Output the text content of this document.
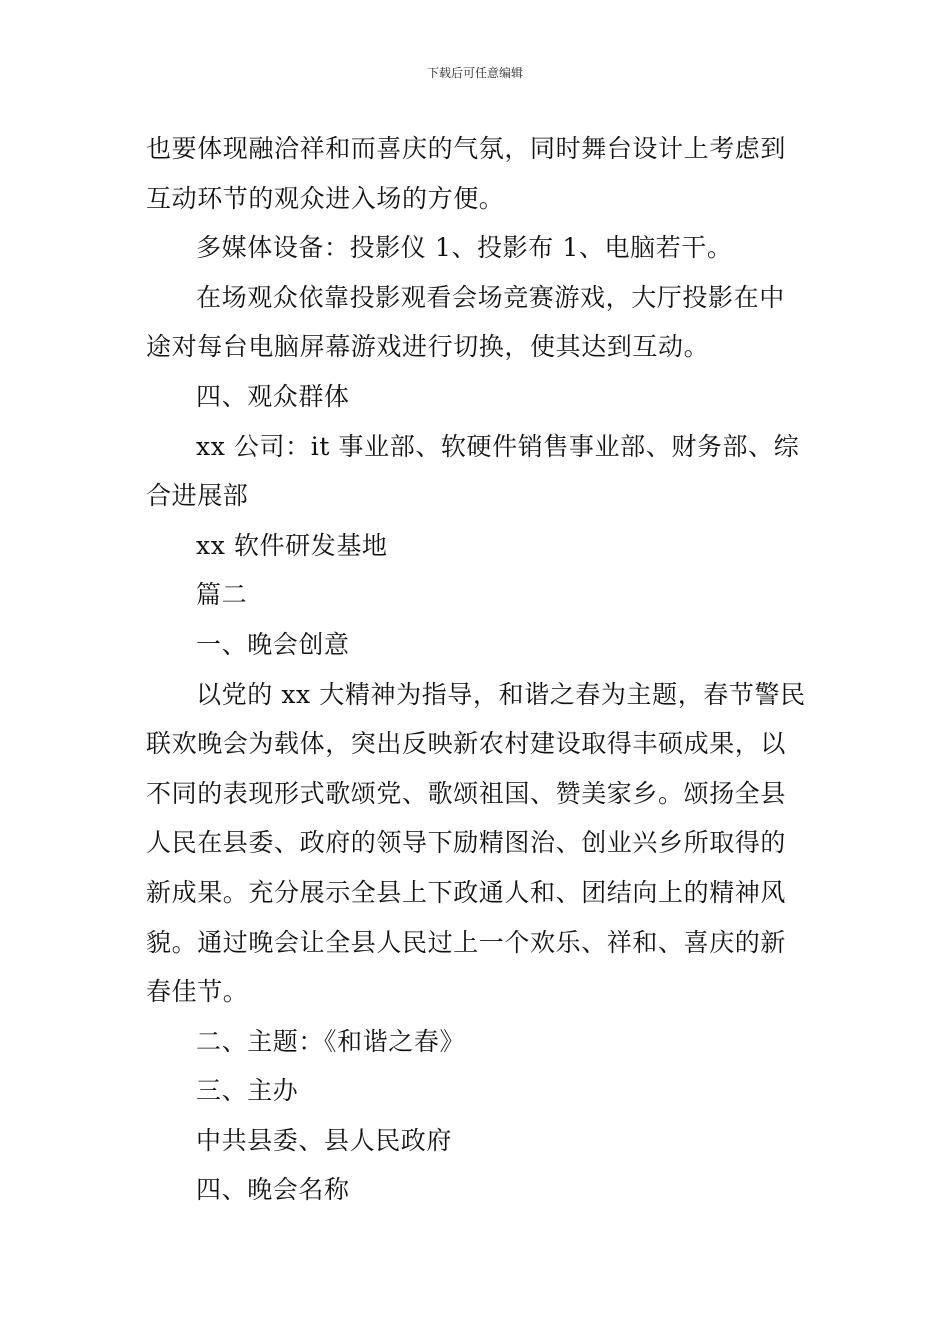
下载后可任意编辑
也要体现融洽祥和而喜庆的气氛，同时舞台设计上考虑到
互动环节的观众进入场的方便。
多媒体设备：投影仪 1、投影布 1、电脑若干。
在场观众依靠投影观看会场竞赛游戏，大厅投影在中
途对每台电脑屏幕游戏进行切换，使其达到互动。
四、观众群体
xx 公司：it 事业部、软硬件销售事业部、财务部、综
合进展部
xx 软件研发基地
篇二
一、晚会创意
以党的 xx 大精神为指导，和谐之春为主题，春节警民
联欢晚会为载体，突出反映新农村建设取得丰硕成果，以
不同的表现形式歌颂党、歌颂祖国、赞美家乡。颂扬全县
人民在县委、政府的领导下励精图治、创业兴乡所取得的
新成果。充分展示全县上下政通人和、团结向上的精神风
貌。通过晚会让全县人民过上一个欢乐、祥和、喜庆的新
春佳节。
二、主题：《和谐之春》
三、主办
中共县委、县人民政府
四、晚会名称
